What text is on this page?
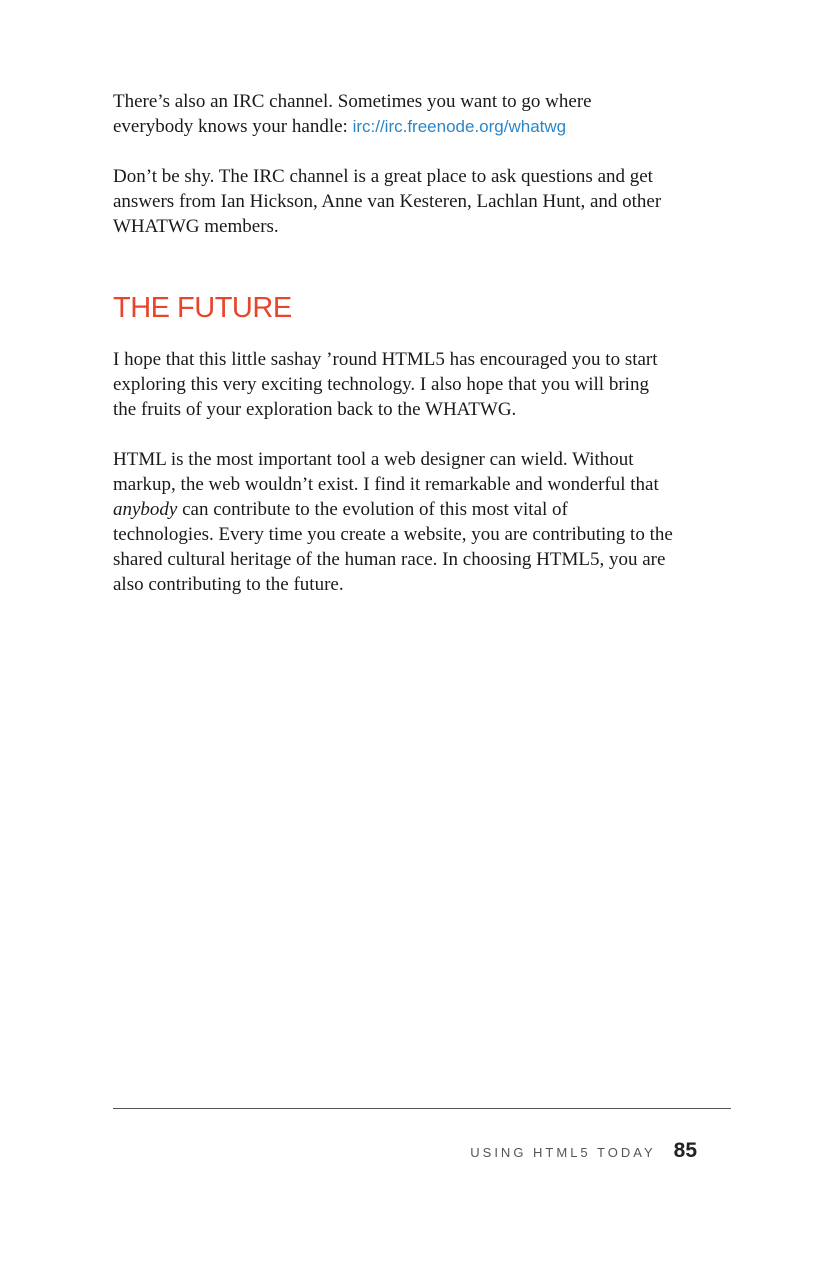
There’s also an IRC channel. Sometimes you want to go where everybody knows your handle: irc://irc.freenode.org/whatwg

Don’t be shy. The IRC channel is a great place to ask questions and get answers from Ian Hickson, Anne van Kesteren, Lachlan Hunt, and other WHATWG members.

THE FUTURE

I hope that this little sashay ’round HTML5 has encouraged you to start exploring this very exciting technology. I also hope that you will bring the fruits of your exploration back to the WHATWG.

HTML is the most important tool a web designer can wield. Without markup, the web wouldn’t exist. I find it remarkable and wonderful that anybody can contribute to the evolution of this most vital of technologies. Every time you create a website, you are contributing to the shared cultural heritage of the human race. In choosing HTML5, you are also contributing to the future.

USING HTML5 TODAY 85
